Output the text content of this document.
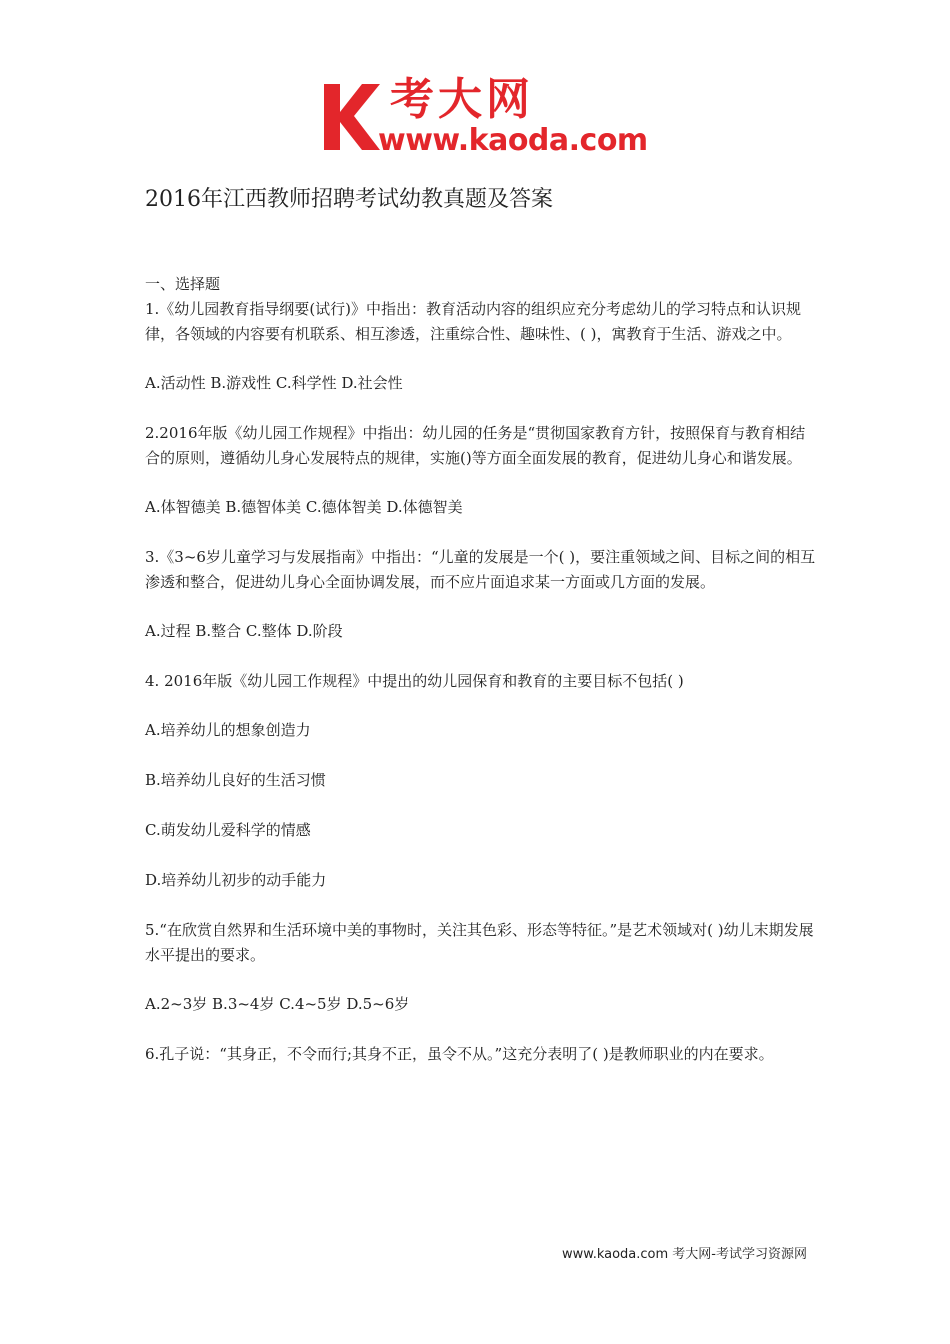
考大网
www.kaoda.com
2016年江西教师招聘考试幼教真题及答案

一、选择题

1.《幼儿园教育指导纲要(试行)》中指出：教育活动内容的组织应充分考虑幼儿的学习特点和认识规律，各领域的内容要有机联系、相互渗透，注重综合性、趣味性、( )，寓教育于生活、游戏之中。

A.活动性 B.游戏性 C.科学性 D.社会性

2.2016年版《幼儿园工作规程》中指出：幼儿园的任务是“贯彻国家教育方针，按照保育与教育相结合的原则，遵循幼儿身心发展特点的规律，实施()等方面全面发展的教育，促进幼儿身心和谐发展。

A.体智德美 B.德智体美 C.德体智美 D.体德智美

3.《3~6岁儿童学习与发展指南》中指出：“儿童的发展是一个( )，要注重领域之间、目标之间的相互渗透和整合，促进幼儿身心全面协调发展，而不应片面追求某一方面或几方面的发展。

A.过程 B.整合 C.整体 D.阶段

4. 2016年版《幼儿园工作规程》中提出的幼儿园保育和教育的主要目标不包括( )

A.培养幼儿的想象创造力

B.培养幼儿良好的生活习惯

C.萌发幼儿爱科学的情感

D.培养幼儿初步的动手能力

5.“在欣赏自然界和生活环境中美的事物时，关注其色彩、形态等特征。”是艺术领域对( )幼儿末期发展水平提出的要求。

A.2~3岁 B.3~4岁 C.4~5岁 D.5~6岁

6.孔子说：“其身正，不令而行;其身不正，虽令不从。”这充分表明了( )是教师职业的内在要求。

www.kaoda.com 考大网-考试学习资源网
